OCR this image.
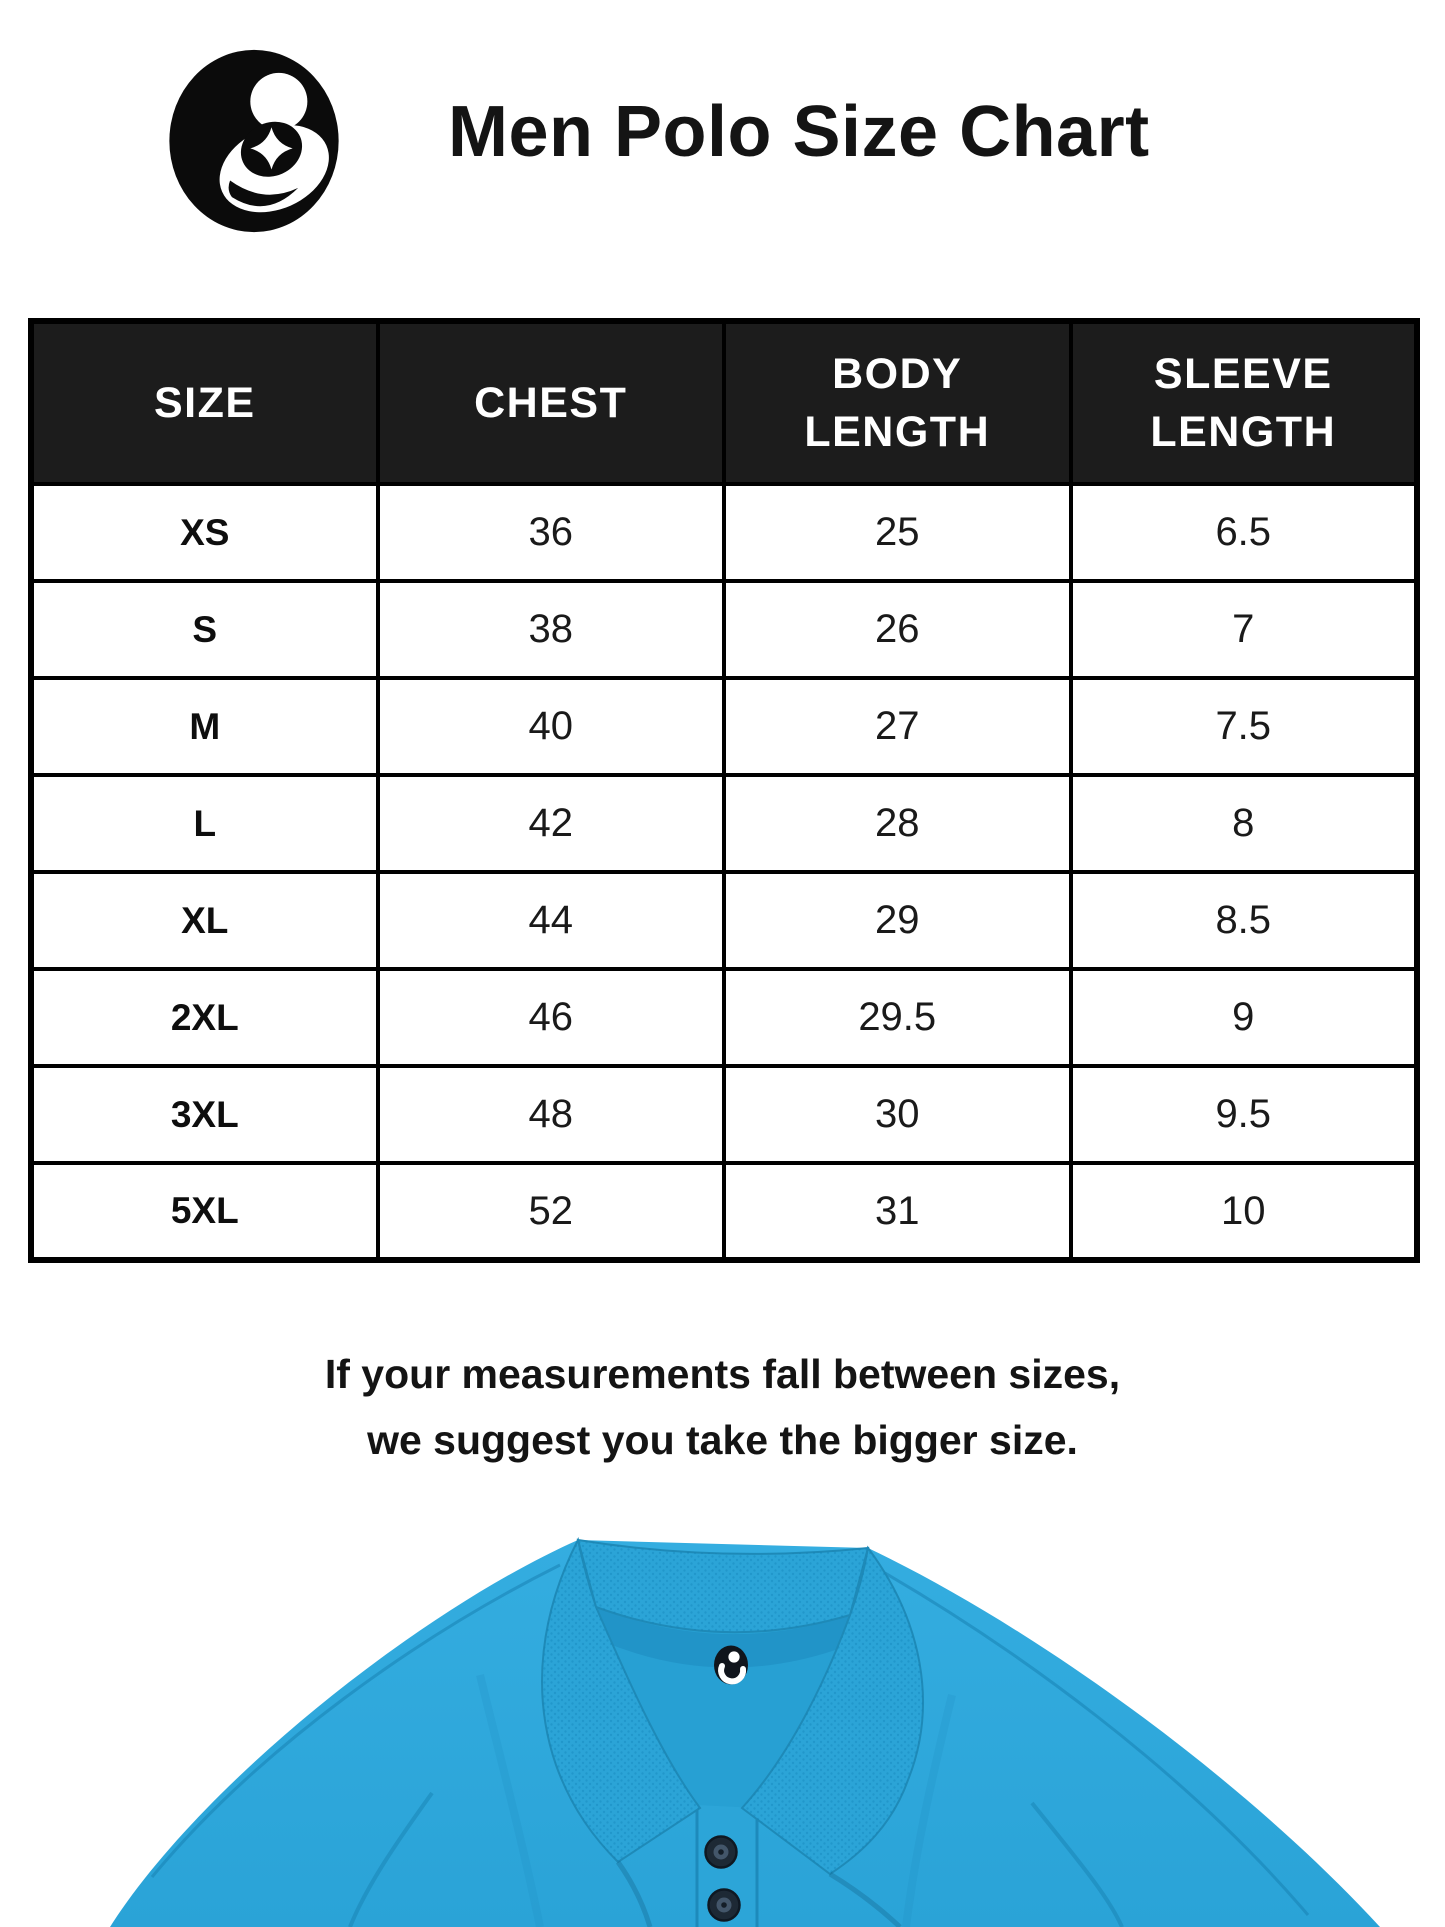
Men Polo Size Chart
SIZE	CHEST	BODY LENGTH	SLEEVE LENGTH
XS	36	25	6.5
S	38	26	7
M	40	27	7.5
L	42	28	8
XL	44	29	8.5
2XL	46	29.5	9
3XL	48	30	9.5
5XL	52	31	10
If your measurements fall between sizes,
we suggest you take the bigger size.
